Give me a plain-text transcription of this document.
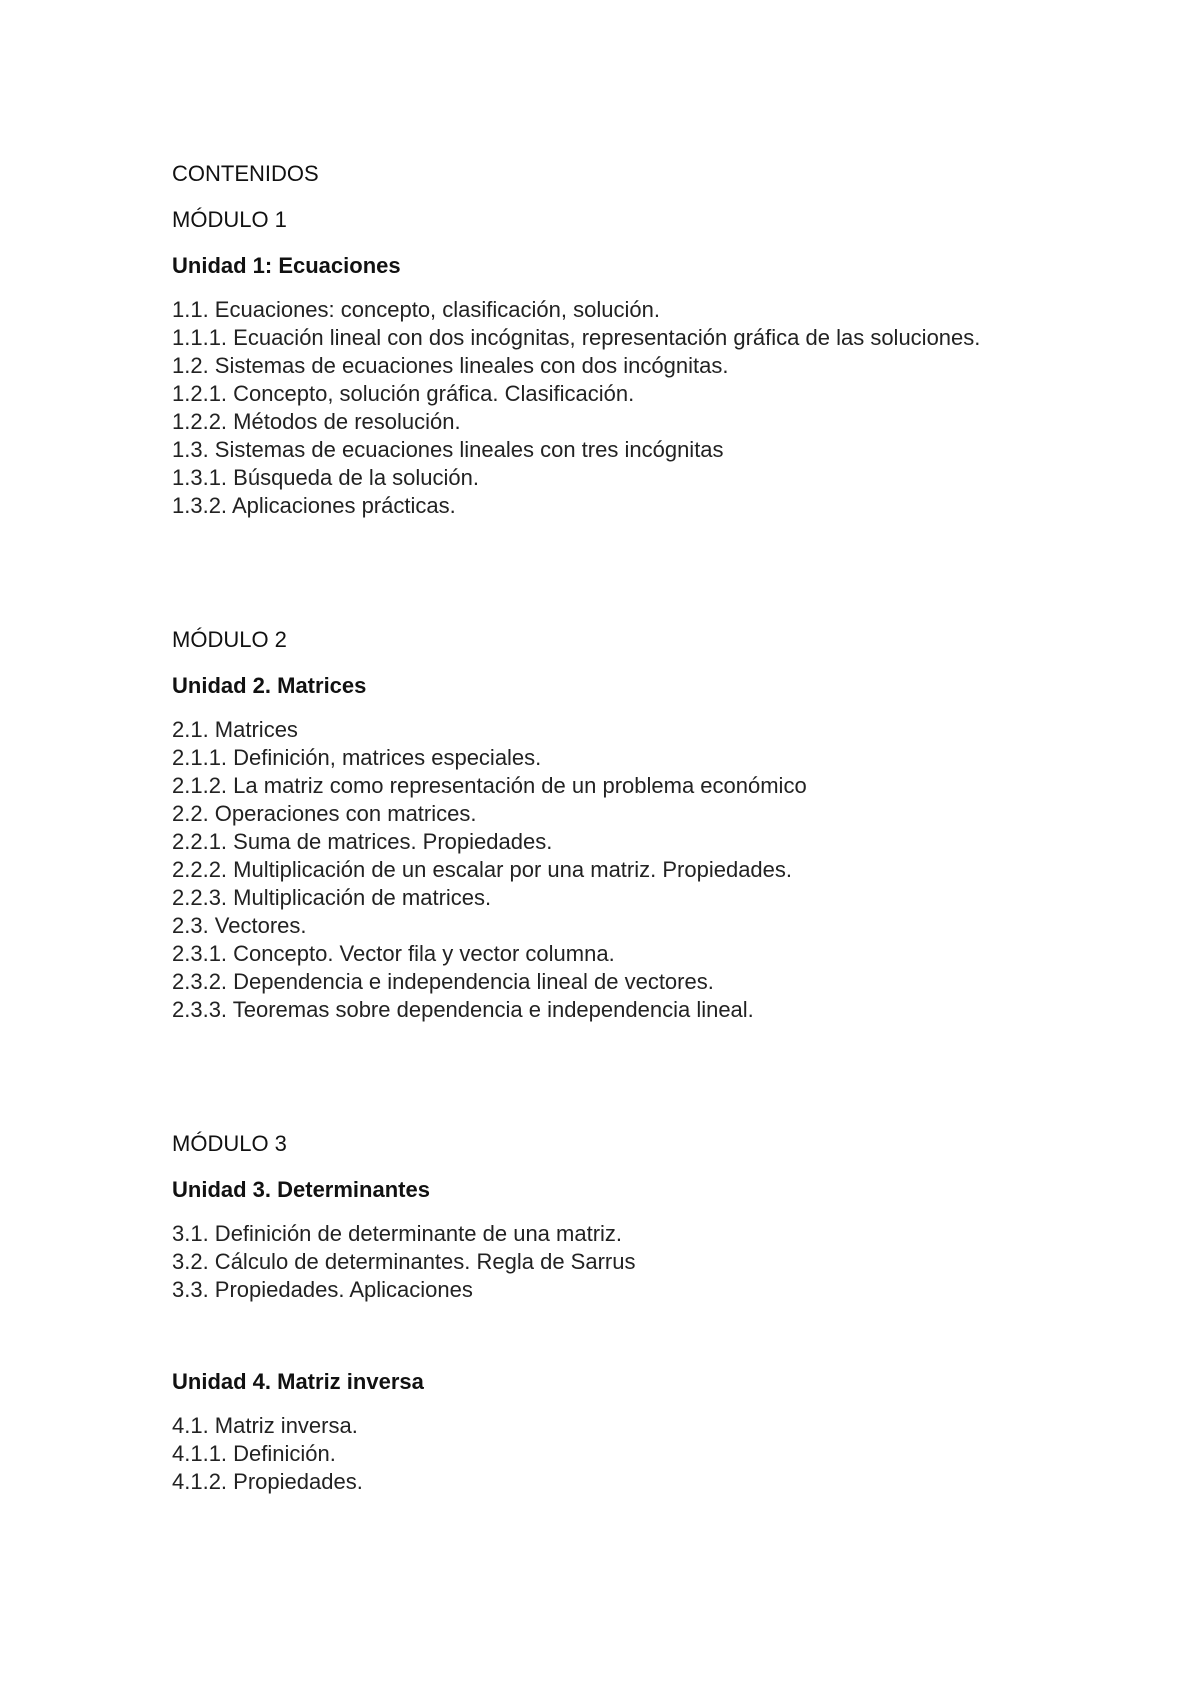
CONTENIDOS
MÓDULO 1
Unidad 1: Ecuaciones
1.1. Ecuaciones: concepto, clasificación, solución.
1.1.1. Ecuación lineal con dos incógnitas, representación gráfica de las soluciones.
1.2. Sistemas de ecuaciones lineales con dos incógnitas.
1.2.1. Concepto, solución gráfica. Clasificación.
1.2.2. Métodos de resolución.
1.3. Sistemas de ecuaciones lineales con tres incógnitas
1.3.1. Búsqueda de la solución.
1.3.2. Aplicaciones prácticas.
MÓDULO 2
Unidad 2. Matrices
2.1. Matrices
2.1.1. Definición, matrices especiales.
2.1.2. La matriz como representación de un problema económico
2.2. Operaciones con matrices.
2.2.1. Suma de matrices. Propiedades.
2.2.2. Multiplicación de un escalar por una matriz. Propiedades.
2.2.3. Multiplicación de matrices.
2.3. Vectores.
2.3.1. Concepto. Vector fila y vector columna.
2.3.2. Dependencia e independencia lineal de vectores.
2.3.3. Teoremas sobre dependencia e independencia lineal.
MÓDULO 3
Unidad 3. Determinantes
3.1. Definición de determinante de una matriz.
3.2. Cálculo de determinantes. Regla de Sarrus
3.3. Propiedades. Aplicaciones
Unidad 4. Matriz inversa
4.1. Matriz inversa.
4.1.1. Definición.
4.1.2. Propiedades.
